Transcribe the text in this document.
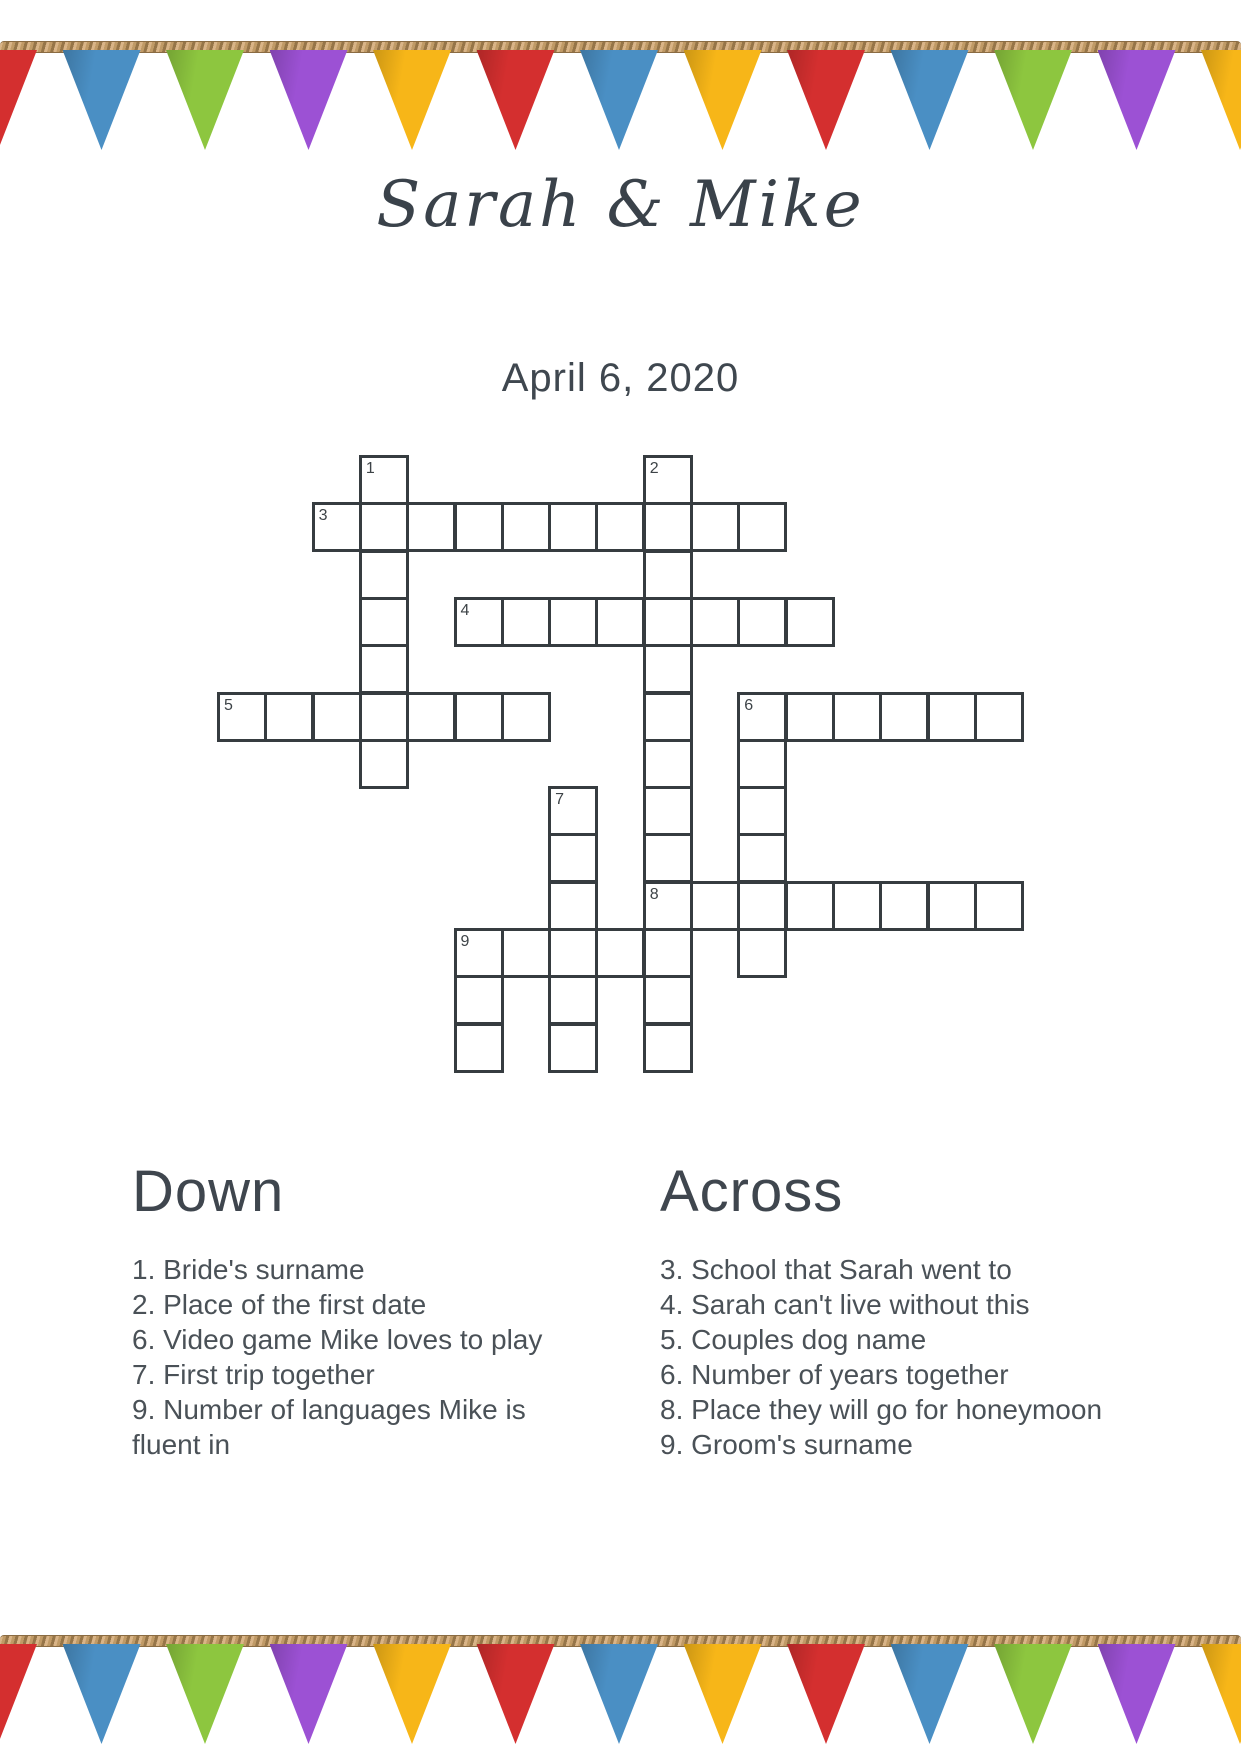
Sarah & Mike
April 6, 2020
1	2
3
4
5	6
7
8
9
Down
1. Bride's surname
2. Place of the first date
6. Video game Mike loves to play
7. First trip together
9. Number of languages Mike is fluent in
Across
3. School that Sarah went to
4. Sarah can't live without this
5. Couples dog name
6. Number of years together
8. Place they will go for honeymoon
9. Groom's surname
